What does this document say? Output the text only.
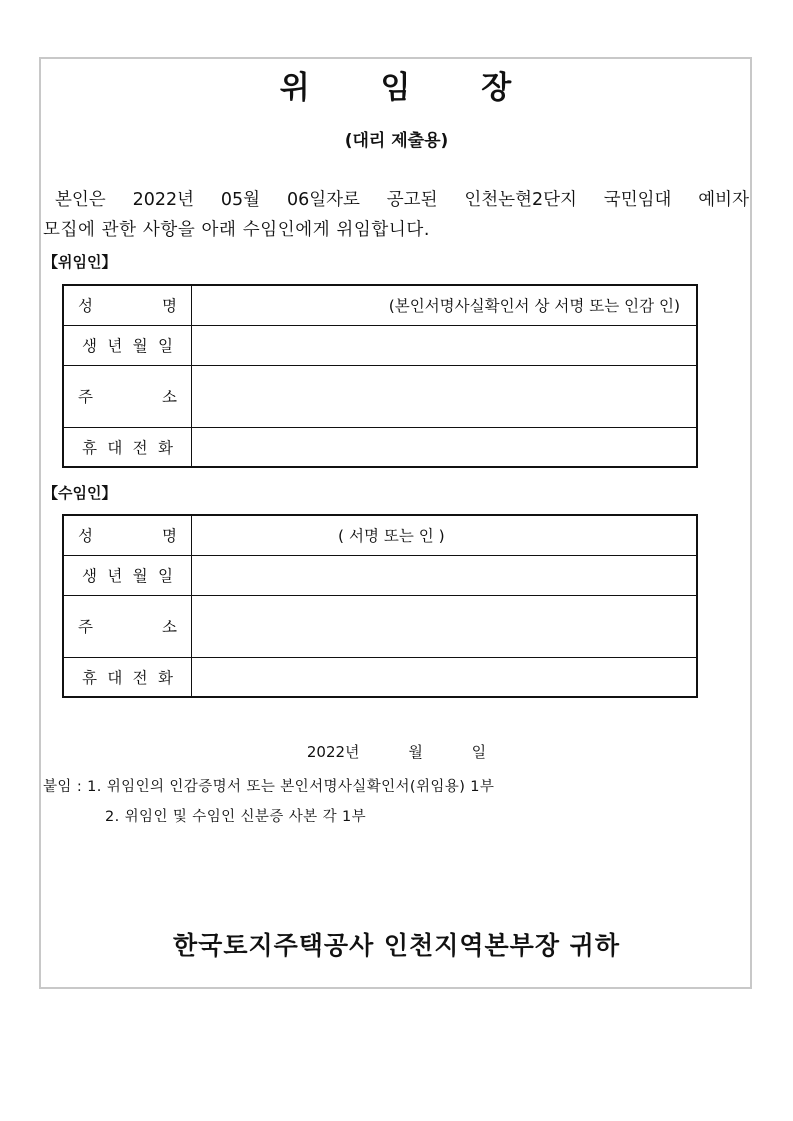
위 임 장
(대리 제출용)
본인은 2022년 05월 06일자로 공고된 인천논현2단지 국민임대 예비자
모집에 관한 사항을 아래 수임인에게 위임합니다.
【위임인】
성 명	(본인서명사실확인서 상 서명 또는 인감 인)

생 년 월 일	

주 소	

휴 대 전 화	

【수임인】
성 명	( 서명 또는 인 )

생 년 월 일	

주 소	

휴 대 전 화	

2022년	월	일
붙임 : 1. 위임인의 인감증명서 또는 본인서명사실확인서(위임용) 1부
2. 위임인 및 수임인 신분증 사본 각 1부
한국토지주택공사 인천지역본부장 귀하
